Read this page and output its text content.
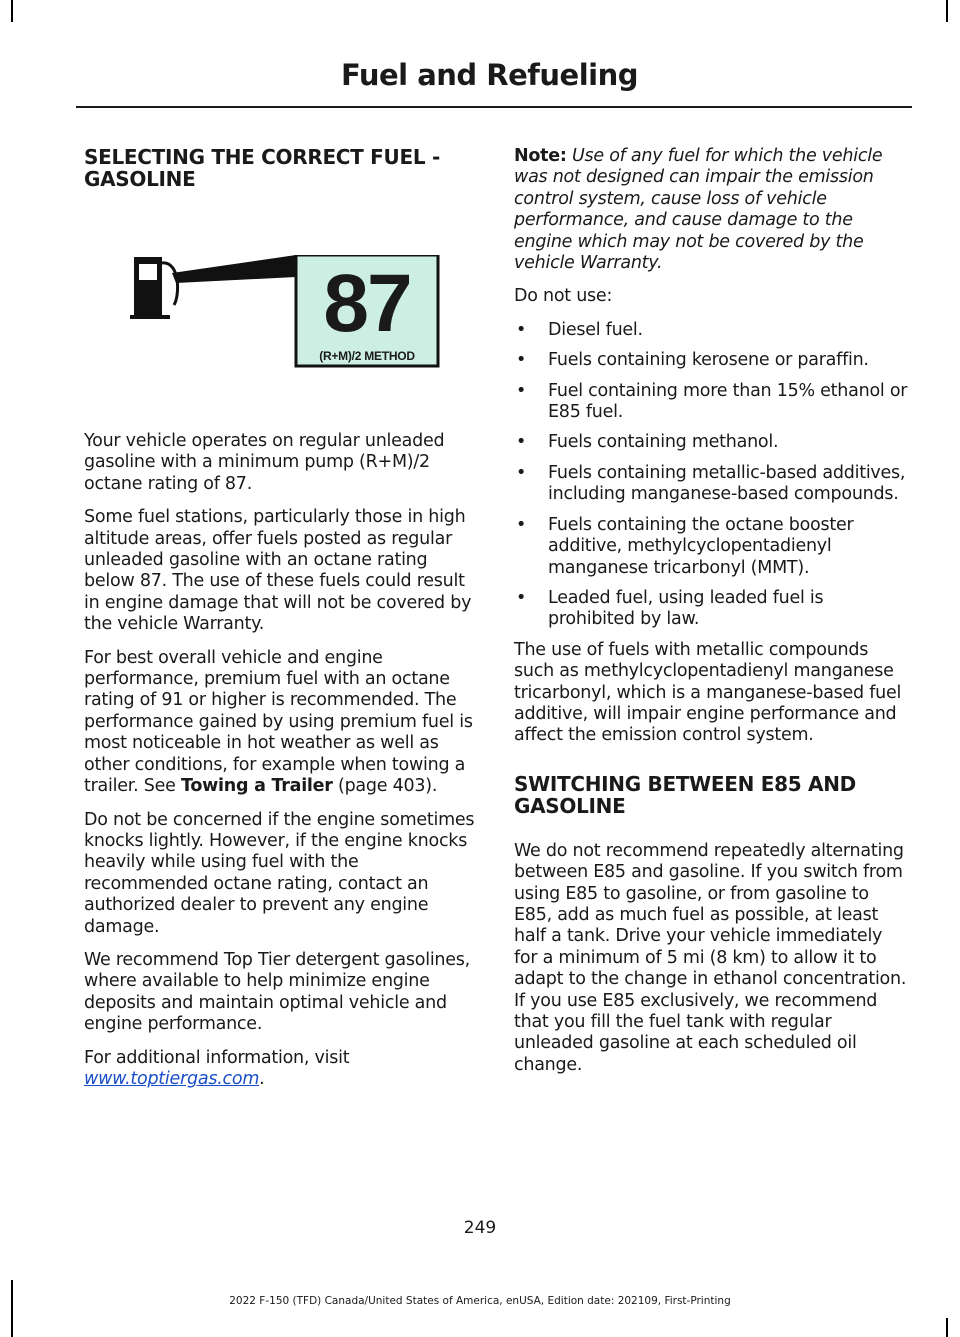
Fuel and Refueling
SELECTING THE CORRECT FUEL - GASOLINE
87
(R+M)/2 METHOD

Your vehicle operates on regular unleaded gasoline with a minimum pump (R+M)/2 octane rating of 87.

Some fuel stations, particularly those in high altitude areas, offer fuels posted as regular unleaded gasoline with an octane rating below 87. The use of these fuels could result in engine damage that will not be covered by the vehicle Warranty.

For best overall vehicle and engine performance, premium fuel with an octane rating of 91 or higher is recommended. The performance gained by using premium fuel is most noticeable in hot weather as well as other conditions, for example when towing a trailer. See Towing a Trailer (page 403).

Do not be concerned if the engine sometimes knocks lightly. However, if the engine knocks heavily while using fuel with the recommended octane rating, contact an authorized dealer to prevent any engine damage.

We recommend Top Tier detergent gasolines, where available to help minimize engine deposits and maintain optimal vehicle and engine performance.

For additional information, visit
www.toptiergas.com.

Note: Use of any fuel for which the vehicle was not designed can impair the emission control system, cause loss of vehicle performance, and cause damage to the engine which may not be covered by the vehicle Warranty.

Do not use:

• Diesel fuel.
• Fuels containing kerosene or paraffin.
• Fuel containing more than 15% ethanol or E85 fuel.
• Fuels containing methanol.
• Fuels containing metallic-based additives, including manganese-based compounds.
• Fuels containing the octane booster additive, methylcyclopentadienyl manganese tricarbonyl (MMT).
• Leaded fuel, using leaded fuel is prohibited by law.

The use of fuels with metallic compounds such as methylcyclopentadienyl manganese tricarbonyl, which is a manganese-based fuel additive, will impair engine performance and affect the emission control system.

SWITCHING BETWEEN E85 AND GASOLINE

We do not recommend repeatedly alternating between E85 and gasoline. If you switch from using E85 to gasoline, or from gasoline to E85, add as much fuel as possible, at least half a tank. Drive your vehicle immediately for a minimum of 5 mi (8 km) to allow it to adapt to the change in ethanol concentration. If you use E85 exclusively, we recommend that you fill the fuel tank with regular unleaded gasoline at each scheduled oil change.

249
2022 F-150 (TFD) Canada/United States of America, enUSA, Edition date: 202109, First-Printing
